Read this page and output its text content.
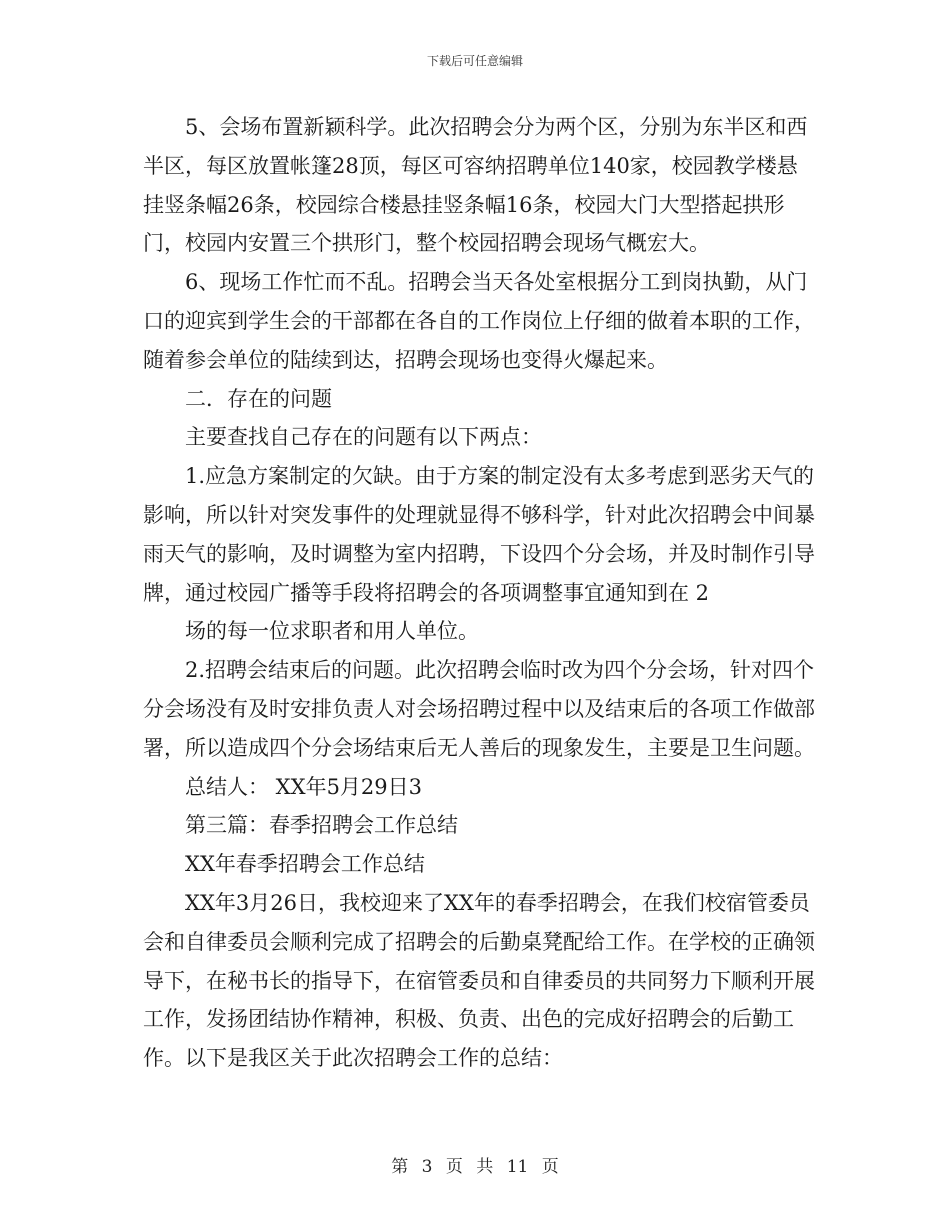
下载后可任意编辑

5、会场布置新颖科学。此次招聘会分为两个区，分别为东半区和西半区，每区放置帐篷28顶，每区可容纳招聘单位140家，校园教学楼悬挂竖条幅26条，校园综合楼悬挂竖条幅16条，校园大门大型搭起拱形门，校园内安置三个拱形门，整个校园招聘会现场气概宏大。

6、现场工作忙而不乱。招聘会当天各处室根据分工到岗执勤，从门口的迎宾到学生会的干部都在各自的工作岗位上仔细的做着本职的工作，随着参会单位的陆续到达，招聘会现场也变得火爆起来。

二．存在的问题

主要查找自己存在的问题有以下两点：

1.应急方案制定的欠缺。由于方案的制定没有太多考虑到恶劣天气的影响，所以针对突发事件的处理就显得不够科学，针对此次招聘会中间暴雨天气的影响，及时调整为室内招聘，下设四个分会场，并及时制作引导牌，通过校园广播等手段将招聘会的各项调整事宜通知到在 2

场的每一位求职者和用人单位。

2.招聘会结束后的问题。此次招聘会临时改为四个分会场，针对四个分会场没有及时安排负责人对会场招聘过程中以及结束后的各项工作做部署，所以造成四个分会场结束后无人善后的现象发生，主要是卫生问题。

总结人： XX年5月29日3

第三篇：春季招聘会工作总结

XX年春季招聘会工作总结

XX年3月26日，我校迎来了XX年的春季招聘会，在我们校宿管委员会和自律委员会顺利完成了招聘会的后勤桌凳配给工作。在学校的正确领导下，在秘书长的指导下，在宿管委员和自律委员的共同努力下顺利开展工作，发扬团结协作精神，积极、负责、出色的完成好招聘会的后勤工作。以下是我区关于此次招聘会工作的总结：

第 3 页 共 11 页
